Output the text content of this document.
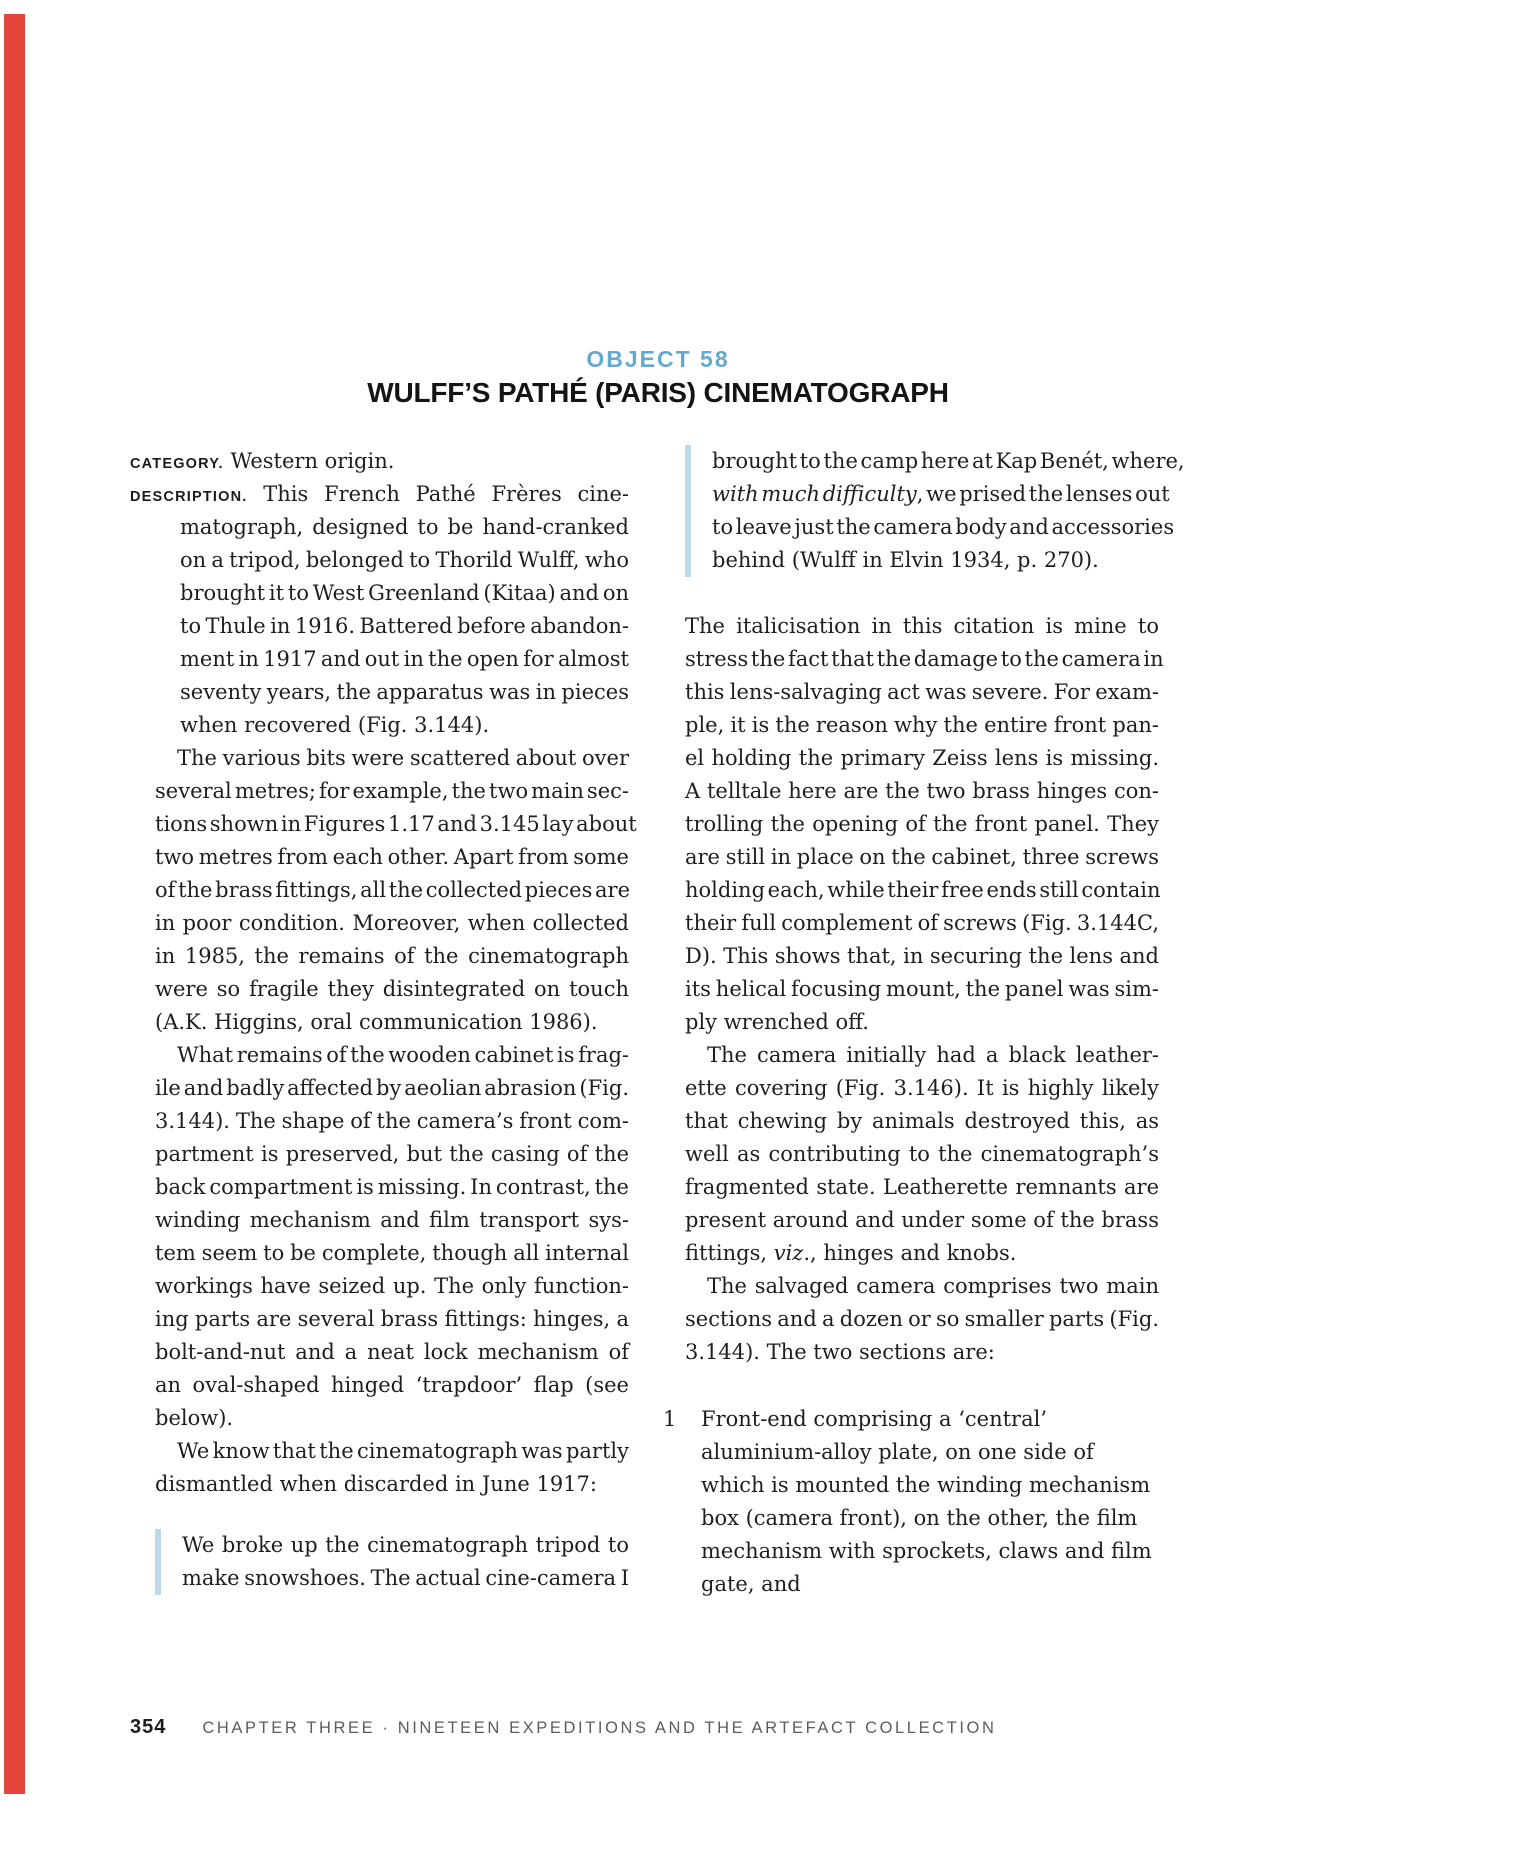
OBJECT 58
WULFF’S PATHÉ (PARIS) CINEMATOGRAPH
CATEGORY. Western origin.
DESCRIPTION. This French Pathé Frères cine-
matograph, designed to be hand-cranked
on a tripod, belonged to Thorild Wulff, who
brought it to West Greenland (Kitaa) and on
to Thule in 1916. Battered before abandon-
ment in 1917 and out in the open for almost
seventy years, the apparatus was in pieces
when recovered (Fig. 3.144).
The various bits were scattered about over
several metres; for example, the two main sec-
tions shown in Figures 1.17 and 3.145 lay about
two metres from each other. Apart from some
of the brass fittings, all the collected pieces are
in poor condition. Moreover, when collected
in 1985, the remains of the cinematograph
were so fragile they disintegrated on touch
(A.K. Higgins, oral communication 1986).
What remains of the wooden cabinet is frag-
ile and badly affected by aeolian abrasion (Fig.
3.144). The shape of the camera’s front com-
partment is preserved, but the casing of the
back compartment is missing. In contrast, the
winding mechanism and film transport sys-
tem seem to be complete, though all internal
workings have seized up. The only function-
ing parts are several brass fittings: hinges, a
bolt-and-nut and a neat lock mechanism of
an oval-shaped hinged ‘trapdoor’ flap (see
below).
We know that the cinematograph was partly
dismantled when discarded in June 1917:
We broke up the cinematograph tripod to
make snowshoes. The actual cine-camera I
brought to the camp here at Kap Benét, where,
with much difficulty, we prised the lenses out
to leave just the camera body and accessories
behind (Wulff in Elvin 1934, p. 270).
The italicisation in this citation is mine to
stress the fact that the damage to the camera in
this lens-salvaging act was severe. For exam-
ple, it is the reason why the entire front pan-
el holding the primary Zeiss lens is missing.
A telltale here are the two brass hinges con-
trolling the opening of the front panel. They
are still in place on the cabinet, three screws
holding each, while their free ends still contain
their full complement of screws (Fig. 3.144C,
D). This shows that, in securing the lens and
its helical focusing mount, the panel was sim-
ply wrenched off.
The camera initially had a black leather-
ette covering (Fig. 3.146). It is highly likely
that chewing by animals destroyed this, as
well as contributing to the cinematograph’s
fragmented state. Leatherette remnants are
present around and under some of the brass
fittings, viz., hinges and knobs.
The salvaged camera comprises two main
sections and a dozen or so smaller parts (Fig.
3.144). The two sections are:
1 Front-end comprising a ‘central’
aluminium-alloy plate, on one side of
which is mounted the winding mechanism
box (camera front), on the other, the film
mechanism with sprockets, claws and film
gate, and
354 CHAPTER THREE · NINETEEN EXPEDITIONS AND THE ARTEFACT COLLECTION
